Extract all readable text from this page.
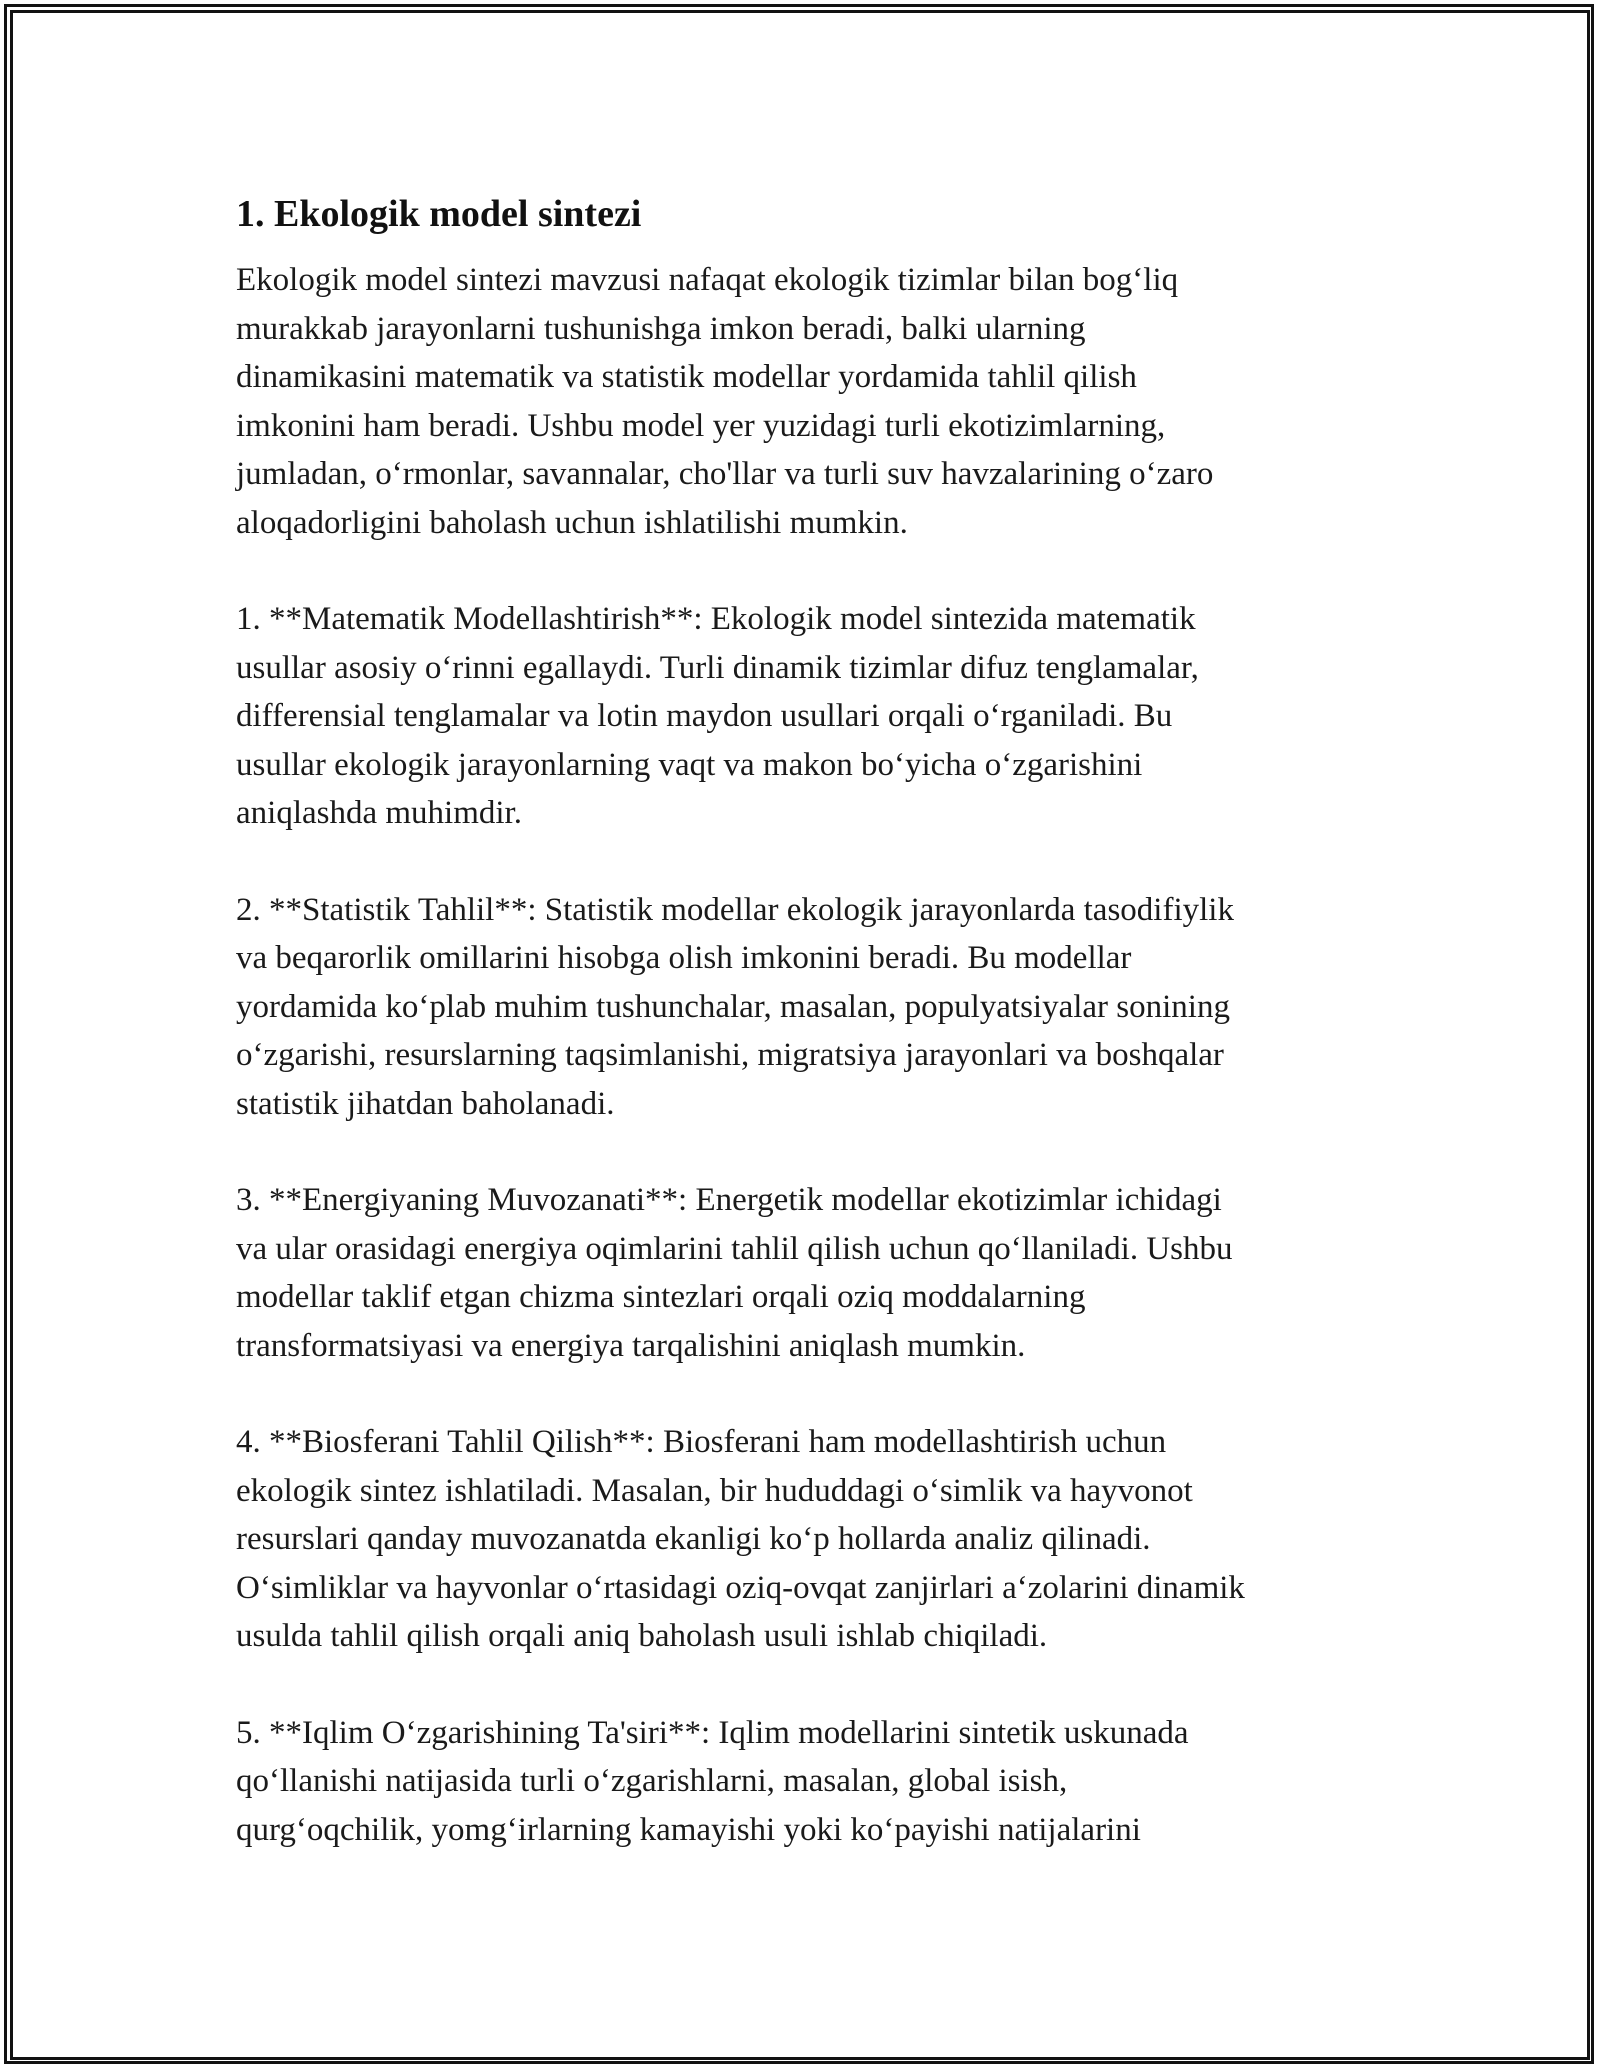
1. Ekologik model sintezi

Ekologik model sintezi mavzusi nafaqat ekologik tizimlar bilan bog‘liq
murakkab jarayonlarni tushunishga imkon beradi, balki ularning
dinamikasini matematik va statistik modellar yordamida tahlil qilish
imkonini ham beradi. Ushbu model yer yuzidagi turli ekotizimlarning,
jumladan, o‘rmonlar, savannalar, cho'llar va turli suv havzalarining o‘zaro
aloqadorligini baholash uchun ishlatilishi mumkin.

1. **Matematik Modellashtirish**: Ekologik model sintezida matematik
usullar asosiy o‘rinni egallaydi. Turli dinamik tizimlar difuz tenglamalar,
differensial tenglamalar va lotin maydon usullari orqali o‘rganiladi. Bu
usullar ekologik jarayonlarning vaqt va makon bo‘yicha o‘zgarishini
aniqlashda muhimdir.

2. **Statistik Tahlil**: Statistik modellar ekologik jarayonlarda tasodifiylik
va beqarorlik omillarini hisobga olish imkonini beradi. Bu modellar
yordamida ko‘plab muhim tushunchalar, masalan, populyatsiyalar sonining
o‘zgarishi, resurslarning taqsimlanishi, migratsiya jarayonlari va boshqalar
statistik jihatdan baholanadi.

3. **Energiyaning Muvozanati**: Energetik modellar ekotizimlar ichidagi
va ular orasidagi energiya oqimlarini tahlil qilish uchun qo‘llaniladi. Ushbu
modellar taklif etgan chizma sintezlari orqali oziq moddalarning
transformatsiyasi va energiya tarqalishini aniqlash mumkin.

4. **Biosferani Tahlil Qilish**: Biosferani ham modellashtirish uchun
ekologik sintez ishlatiladi. Masalan, bir hududdagi o‘simlik va hayvonot
resurslari qanday muvozanatda ekanligi ko‘p hollarda analiz qilinadi.
O‘simliklar va hayvonlar o‘rtasidagi oziq-ovqat zanjirlari a‘zolarini dinamik
usulda tahlil qilish orqali aniq baholash usuli ishlab chiqiladi.

5. **Iqlim O‘zgarishining Ta'siri**: Iqlim modellarini sintetik uskunada
qo‘llanishi natijasida turli o‘zgarishlarni, masalan, global isish,
qurg‘oqchilik, yomg‘irlarning kamayishi yoki ko‘payishi natijalarini
